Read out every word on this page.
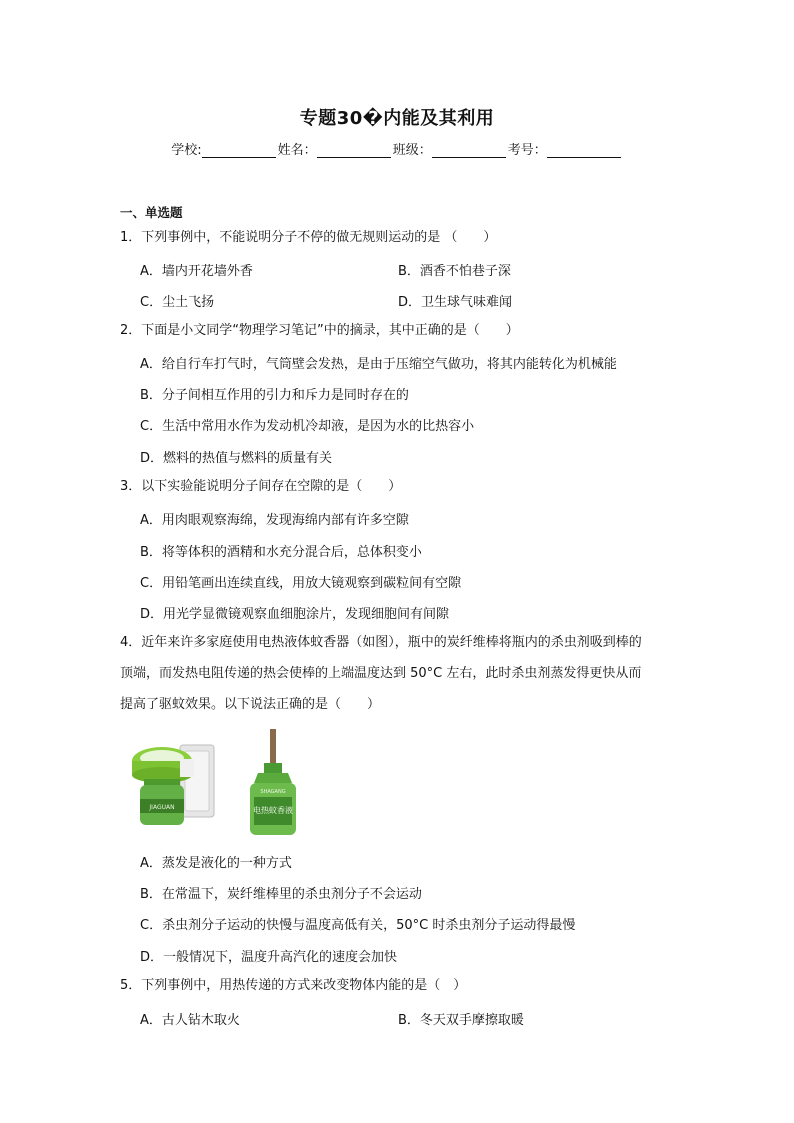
专题30�内能及其利用
学校:	姓名：	班级：	考号：
一、单选题
1．下列事例中，不能说明分子不停的做无规则运动的是 （　　）
A．墙内开花墙外香	B．酒香不怕巷子深
C．尘土飞扬	D．卫生球气味难闻
2．下面是小文同学“物理学习笔记”中的摘录，其中正确的是（　　）
A．给自行车打气时，气筒壁会发热，是由于压缩空气做功，将其内能转化为机械能
B．分子间相互作用的引力和斥力是同时存在的
C．生活中常用水作为发动机冷却液，是因为水的比热容小
D．燃料的热值与燃料的质量有关
3．以下实验能说明分子间存在空隙的是（　　）
A．用肉眼观察海绵，发现海绵内部有许多空隙
B．将等体积的酒精和水充分混合后，总体积变小
C．用铅笔画出连续直线，用放大镜观察到碳粒间有空隙
D．用光学显微镜观察血细胞涂片，发现细胞间有间隙
4．近年来许多家庭使用电热液体蚊香器（如图），瓶中的炭纤维棒将瓶内的杀虫剂吸到棒的
顶端，而发热电阻传递的热会使棒的上端温度达到 50°C 左右，此时杀虫剂蒸发得更快从而
提高了驱蚊效果。以下说法正确的是（　　）
JIAGUAN
SHAGANG
电热蚊香液
A．蒸发是液化的一种方式
B．在常温下，炭纤维棒里的杀虫剂分子不会运动
C．杀虫剂分子运动的快慢与温度高低有关，50°C 时杀虫剂分子运动得最慢
D．一般情况下，温度升高汽化的速度会加快
5．下列事例中，用热传递的方式来改变物体内能的是（　）
A．古人钻木取火	B．冬天双手摩擦取暖
